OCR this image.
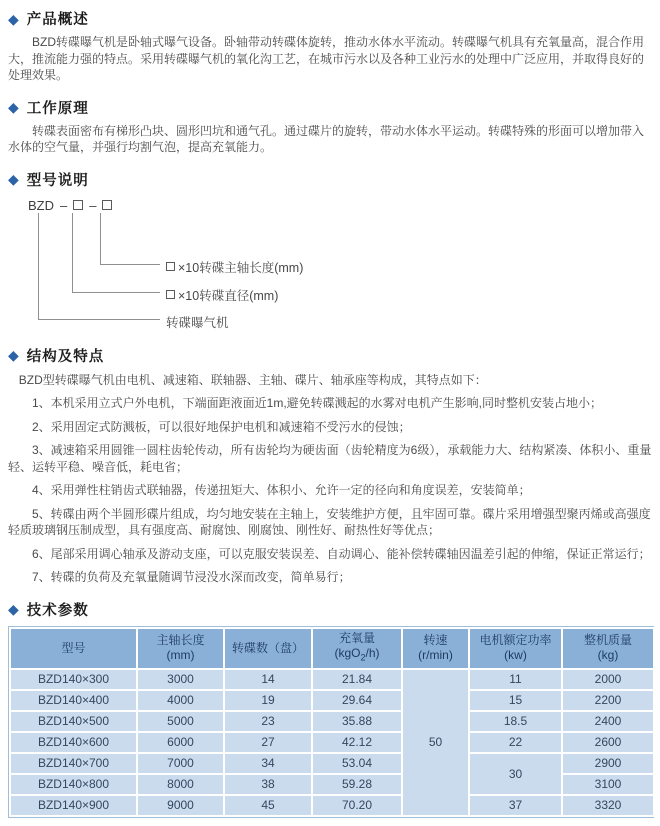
◆ 产品概述

BZD转碟曝气机是卧轴式曝气设备。卧轴带动转碟体旋转，推动水体水平流动。转碟曝气机具有充氧量高，混合作用大，推流能力强的特点。采用转碟曝气机的氧化沟工艺，在城市污水以及各种工业污水的处理中广泛应用，并取得良好的处理效果。

◆ 工作原理

转碟表面密布有梯形凸块、圆形凹坑和通气孔。通过碟片的旋转，带动水体水平运动。转碟特殊的形面可以增加带入水体的空气量，并强行均割气泡，提高充氧能力。

◆ 型号说明
BZD – –
×10转碟主轴长度(mm)
×10转碟直径(mm)
转碟曝气机
◆ 结构及特点

BZD型转碟曝气机由电机、减速箱、联轴器、主轴、碟片、轴承座等构成，其特点如下：

1、本机采用立式户外电机，下端面距液面近1m,避免转碟溅起的水雾对电机产生影响,同时整机安装占地小；

2、采用固定式防溅板，可以很好地保护电机和减速箱不受污水的侵蚀；

3、减速箱采用圆锥一圆柱齿轮传动，所有齿轮均为硬齿面（齿轮精度为6级），承载能力大、结构紧凑、体积小、重量轻、运转平稳、噪音低，耗电省；

4、采用弹性柱销齿式联轴器，传递扭矩大、体积小、允许一定的径向和角度误差，安装简单；

5、转碟由两个半圆形碟片组成，均匀地安装在主轴上，安装维护方便，且牢固可靠。碟片采用增强型聚丙烯或高强度轻质玻璃钢压制成型，具有强度高、耐腐蚀、刚腐蚀、刚性好、耐热性好等优点；

6、尾部采用调心轴承及游动支座，可以克服安装误差、自动调心、能补偿转碟轴因温差引起的伸缩，保证正常运行；

7、转碟的负荷及充氧量随调节浸没水深而改变，简单易行；

◆ 技术参数
型号	
主轴长度
(mm)
	转碟数（盘）	
充氧量
(kgO$_2$/h)

转速
(r/min)

电机额定功率
(kw)

整机质量
(kg)

BZD140×300	3000	14	21.84	50	11	2000
BZD140×400	4000	19	29.64		15	2200
BZD140×500	5000	23	35.88		18.5	2400
BZD140×600	6000	27	42.12		22	2600
BZD140×700	7000	34	53.04		30	2900
BZD140×800	8000	38	59.28			3100
BZD140×900	9000	45	70.20		37	3320
